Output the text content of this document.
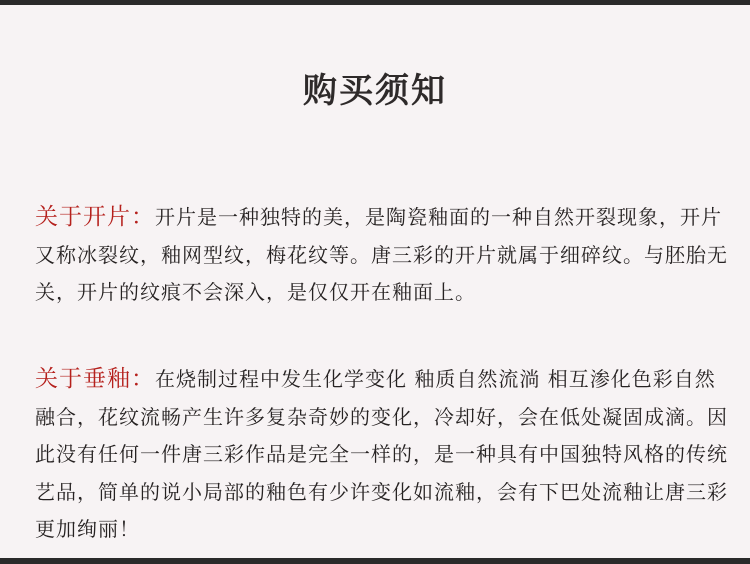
购买须知
关于开片：开片是一种独特的美，是陶瓷釉面的一种自然开裂现象，开片又称冰裂纹，釉网型纹，梅花纹等。唐三彩的开片就属于细碎纹。与胚胎无关，开片的纹痕不会深入，是仅仅开在釉面上。
关于垂釉：在烧制过程中发生化学变化 釉质自然流淌 相互渗化色彩自然融合，花纹流畅产生许多复杂奇妙的变化，冷却好，会在低处凝固成滴。因此没有任何一件唐三彩作品是完全一样的，是一种具有中国独特风格的传统艺品，简单的说小局部的釉色有少许变化如流釉，会有下巴处流釉让唐三彩更加绚丽！
